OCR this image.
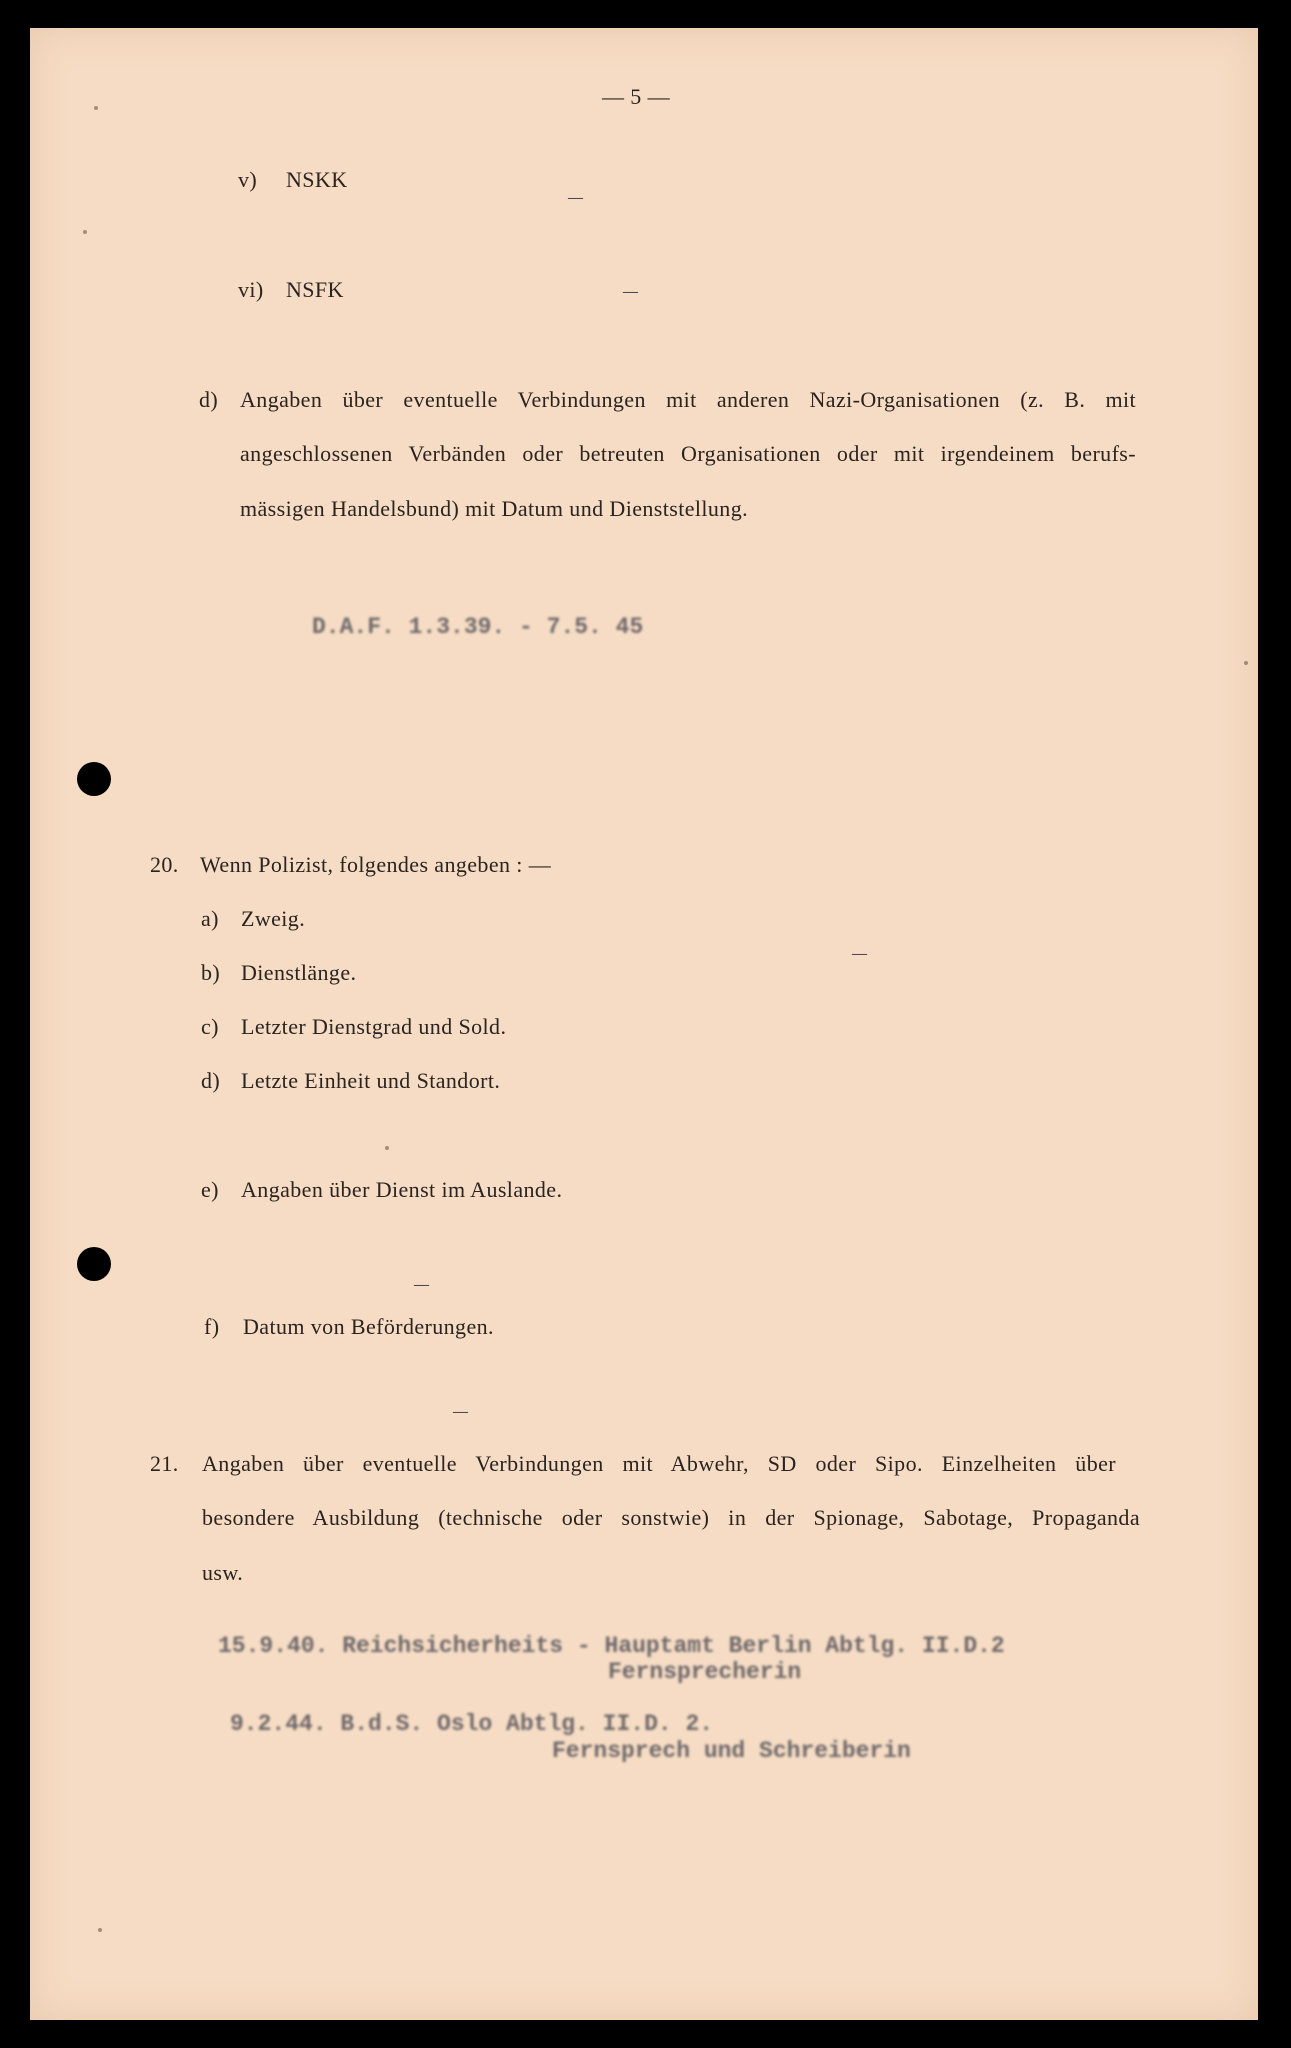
— 5 —
v) NSKK
—
vi) NSFK	—
d) Angaben über eventuelle Verbindungen mit anderen Nazi-Organisationen (z. B. mit
angeschlossenen Verbänden oder betreuten Organisationen oder mit irgendeinem berufs-
mässigen Handelsbund) mit Datum und Dienststellung.
D.A.F. 1.3.39. - 7.5. 45
20. Wenn Polizist, folgendes angeben : —
a) Zweig.
b) Dienstlänge.
—
c) Letzter Dienstgrad und Sold.
d) Letzte Einheit und Standort.
e) Angaben über Dienst im Auslande.
—
f) Datum von Beförderungen.
—
21. Angaben über eventuelle Verbindungen mit Abwehr, SD oder Sipo. Einzelheiten über
besondere Ausbildung (technische oder sonstwie) in der Spionage, Sabotage, Propaganda
usw.
15.9.40. Reichsicherheits - Hauptamt Berlin Abtlg. II.D.2
Fernsprecherin
9.2.44. B.d.S. Oslo Abtlg. II.D. 2.
Fernsprech und Schreiberin
